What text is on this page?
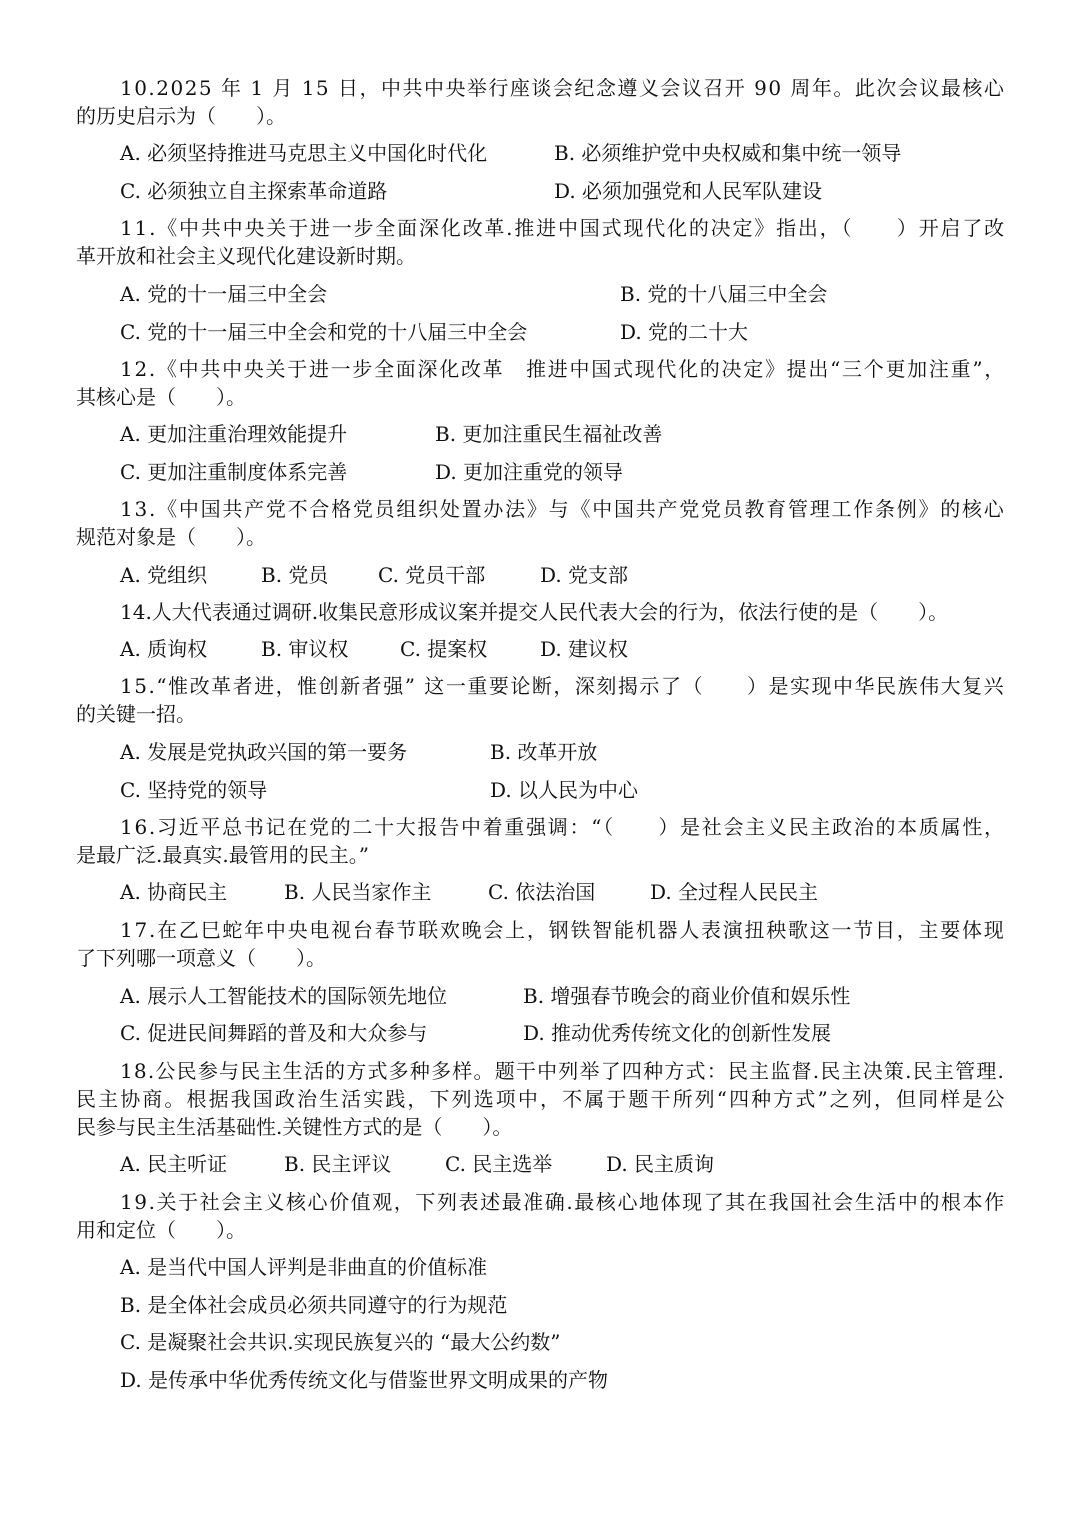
10.2025 年 1 月 15 日，中共中央举行座谈会纪念遵义会议召开 90 周年。此次会议最核心
的历史启示为（　　）。
A. 必须坚持推进马克思主义中国化时代化	B. 必须维护党中央权威和集中统一领导
C. 必须独立自主探索革命道路	D. 必须加强党和人民军队建设
11.《中共中央关于进一步全面深化改革.推进中国式现代化的决定》指出，（　　）开启了改
革开放和社会主义现代化建设新时期。
A. 党的十一届三中全会	B. 党的十八届三中全会
C. 党的十一届三中全会和党的十八届三中全会	D. 党的二十大
12.《中共中央关于进一步全面深化改革　推进中国式现代化的决定》提出“三个更加注重”，
其核心是（　　）。
A. 更加注重治理效能提升	B. 更加注重民生福祉改善
C. 更加注重制度体系完善	D. 更加注重党的领导
13.《中国共产党不合格党员组织处置办法》与《中国共产党党员教育管理工作条例》的核心
规范对象是（　　）。
A. 党组织	B. 党员 C. 党员干部	D. 党支部
14.人大代表通过调研.收集民意形成议案并提交人民代表大会的行为，依法行使的是（　　）。
A. 质询权	B. 审议权	C. 提案权	D. 建议权
15.“惟改革者进，惟创新者强” 这一重要论断，深刻揭示了（　　）是实现中华民族伟大复兴
的关键一招。
A. 发展是党执政兴国的第一要务	B. 改革开放
C. 坚持党的领导	D. 以人民为中心
16.习近平总书记在党的二十大报告中着重强调：“（　　）是社会主义民主政治的本质属性，
是最广泛.最真实.最管用的民主。”
A. 协商民主	B. 人民当家作主	C. 依法治国	D. 全过程人民民主
17.在乙巳蛇年中央电视台春节联欢晚会上，钢铁智能机器人表演扭秧歌这一节目，主要体现
了下列哪一项意义（　　）。
A. 展示人工智能技术的国际领先地位	B. 增强春节晚会的商业价值和娱乐性
C. 促进民间舞蹈的普及和大众参与	D. 推动优秀传统文化的创新性发展
18.公民参与民主生活的方式多种多样。题干中列举了四种方式：民主监督.民主决策.民主管理.
民主协商。根据我国政治生活实践，下列选项中，不属于题干所列“四种方式”之列，但同样是公
民参与民主生活基础性.关键性方式的是（　　）。
A. 民主听证	B. 民主评议	C. 民主选举	D. 民主质询
19.关于社会主义核心价值观，下列表述最准确.最核心地体现了其在我国社会生活中的根本作
用和定位（　　）。
A. 是当代中国人评判是非曲直的价值标准
B. 是全体社会成员必须共同遵守的行为规范
C. 是凝聚社会共识.实现民族复兴的 “最大公约数”
D. 是传承中华优秀传统文化与借鉴世界文明成果的产物
